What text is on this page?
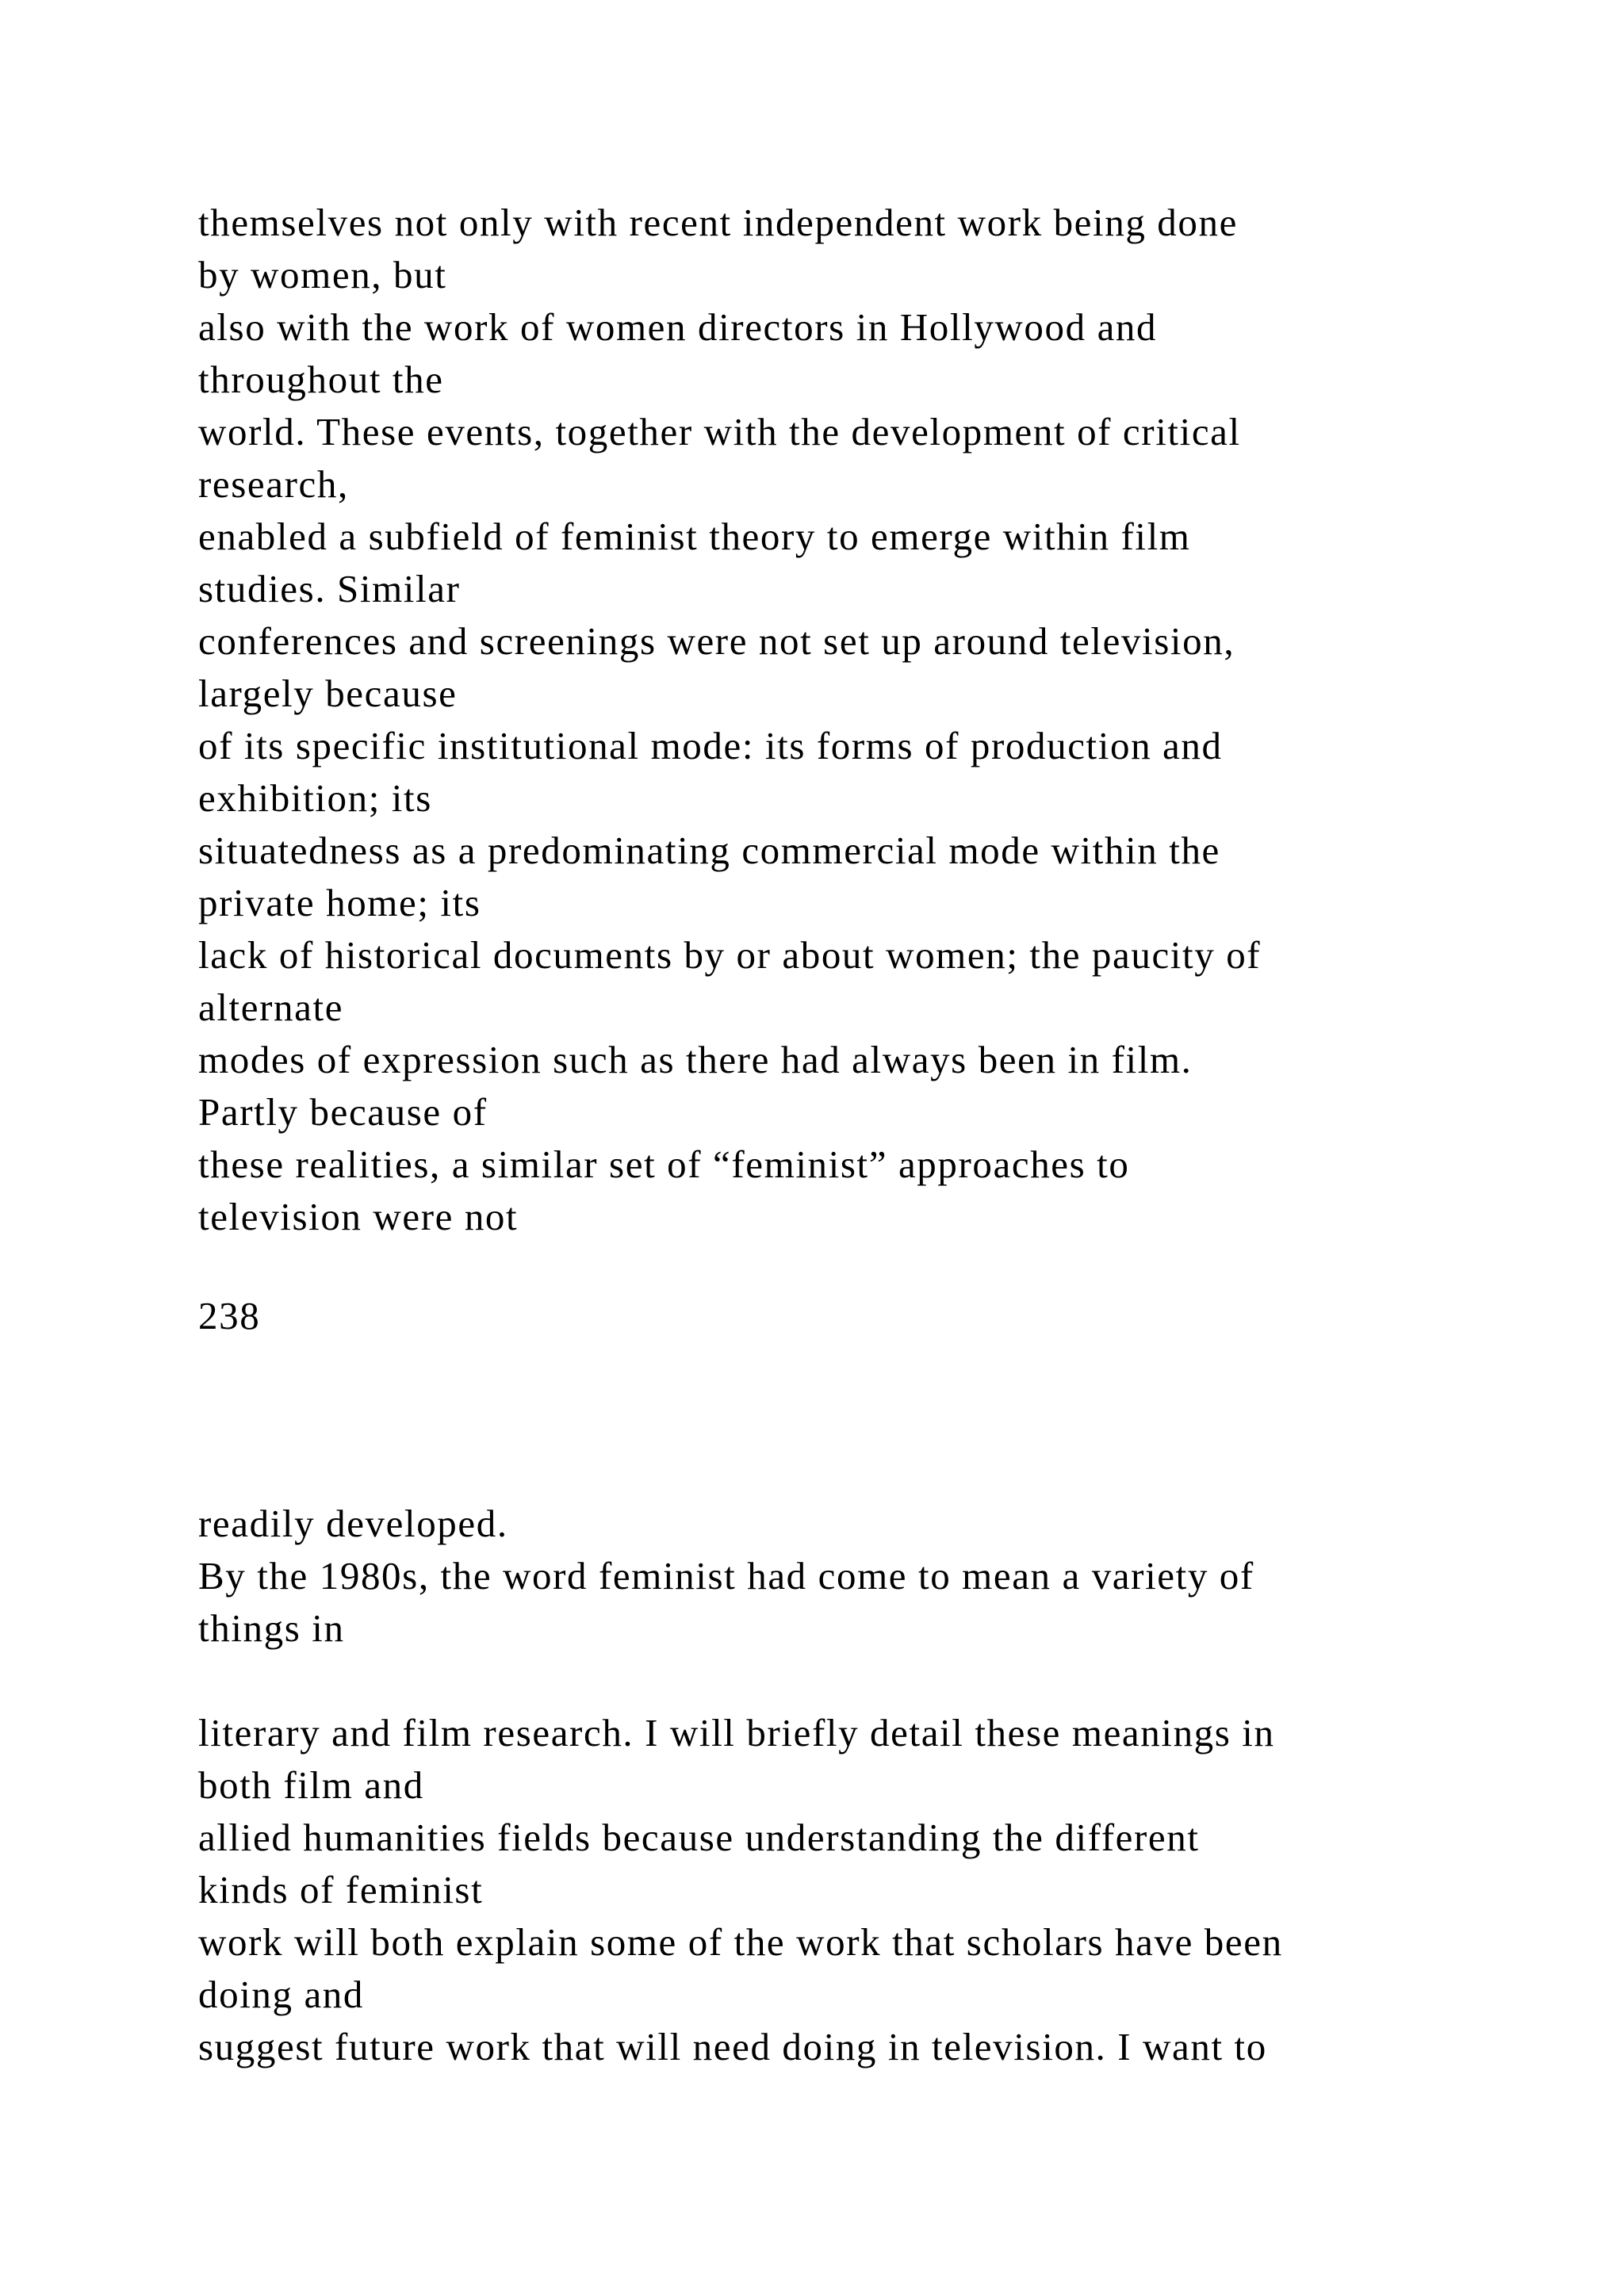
themselves not only with recent independent work being done
by women, but
also with the work of women directors in Hollywood and
throughout the
world. These events, together with the development of critical
research,
enabled a subfield of feminist theory to emerge within film
studies. Similar
conferences and screenings were not set up around television,
largely because
of its specific institutional mode: its forms of production and
exhibition; its
situatedness as a predominating commercial mode within the
private home; its
lack of historical documents by or about women; the paucity of
alternate
modes of expression such as there had always been in film.
Partly because of
these realities, a similar set of “feminist” approaches to
television were not
238
readily developed.
By the 1980s, the word feminist had come to mean a variety of
things in
literary and film research. I will briefly detail these meanings in
both film and
allied humanities fields because understanding the different
kinds of feminist
work will both explain some of the work that scholars have been
doing and
suggest future work that will need doing in television. I want to
